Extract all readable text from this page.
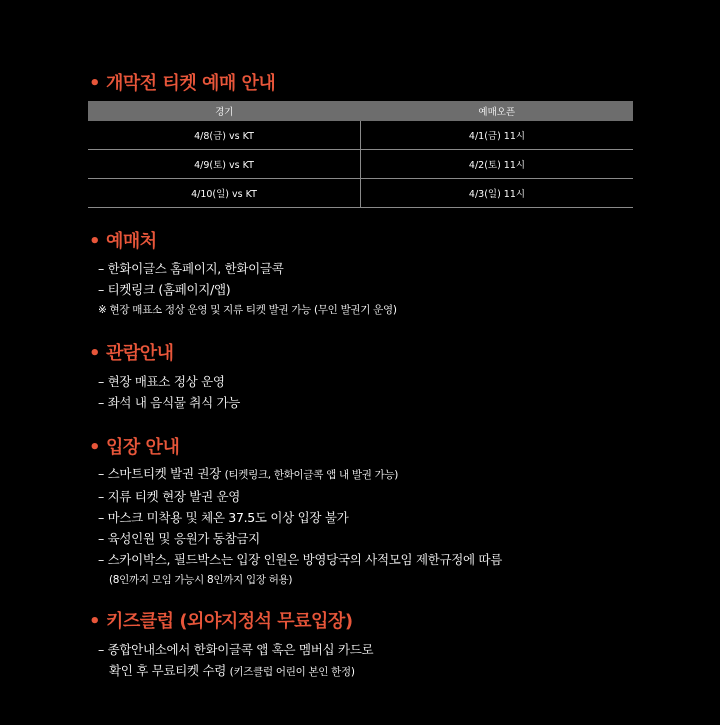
• 개막전 티켓 예매 안내
경기	예매오픈
4/8(금) vs KT	4/1(금) 11시
4/9(토) vs KT	4/2(토) 11시
4/10(일) vs KT	4/3(일) 11시
• 예매처
– 한화이글스 홈페이지, 한화이글콕
– 티켓링크 (홈페이지/앱)
※ 현장 매표소 정상 운영 및 지류 티켓 발권 가능 (무인 발권기 운영)
• 관람안내
– 현장 매표소 정상 운영
– 좌석 내 음식물 취식 가능
• 입장 안내
– 스마트티켓 발권 권장 (티켓링크, 한화이글콕 앱 내 발권 가능)
– 지류 티켓 현장 발권 운영
– 마스크 미착용 및 체온 37.5도 이상 입장 불가
– 육성인원 및 응원가 동참금지
– 스카이박스, 필드박스는 입장 인원은 방영당국의 사적모임 제한규정에 따름
(8인까지 모임 가능시 8인까지 입장 허용)
• 키즈클럽 (외야지정석 무료입장)
– 종합안내소에서 한화이글콕 앱 혹은 멤버십 카드로
확인 후 무료티켓 수령 (키즈클럽 어린이 본인 한정)
